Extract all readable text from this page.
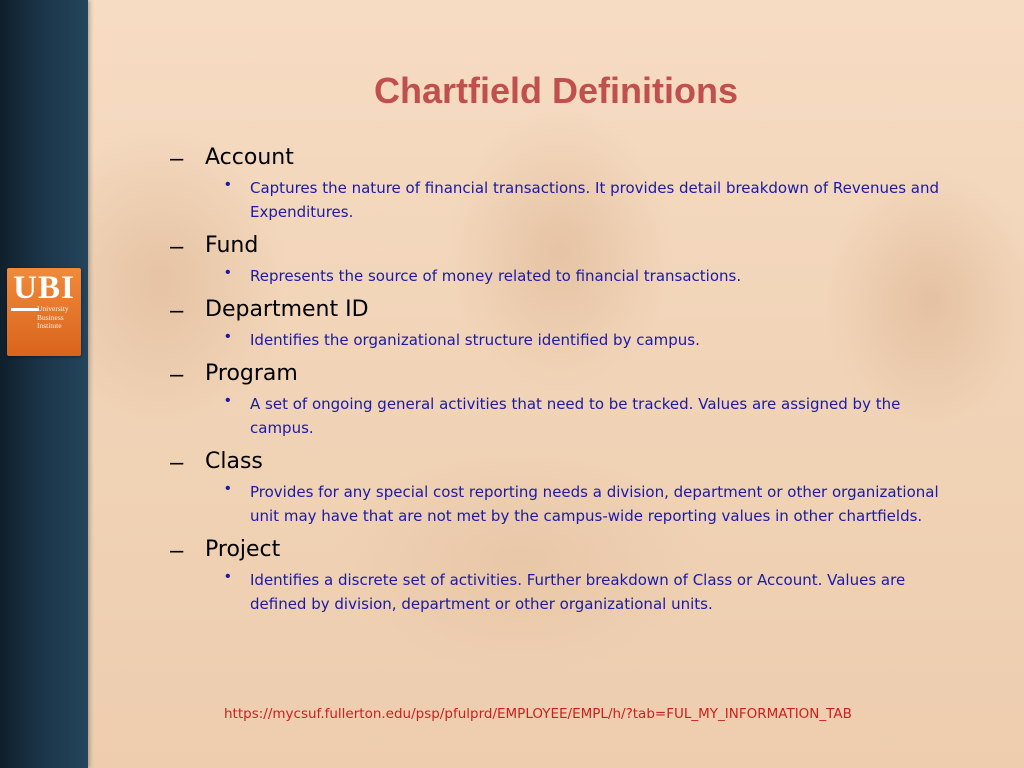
UBI
University Business Institute
Chartfield Definitions
– Account
• Captures the nature of financial transactions. It provides detail breakdown of Revenues and Expenditures.
– Fund
• Represents the source of money related to financial transactions.
– Department ID
• Identifies the organizational structure identified by campus.
– Program
• A set of ongoing general activities that need to be tracked. Values are assigned by the campus.
– Class
• Provides for any special cost reporting needs a division, department or other organizational unit may have that are not met by the campus-wide reporting values in other chartfields.
– Project
• Identifies a discrete set of activities. Further breakdown of Class or Account. Values are defined by division, department or other organizational units.
https://mycsuf.fullerton.edu/psp/pfulprd/EMPLOYEE/EMPL/h/?tab=FUL_MY_INFORMATION_TAB
